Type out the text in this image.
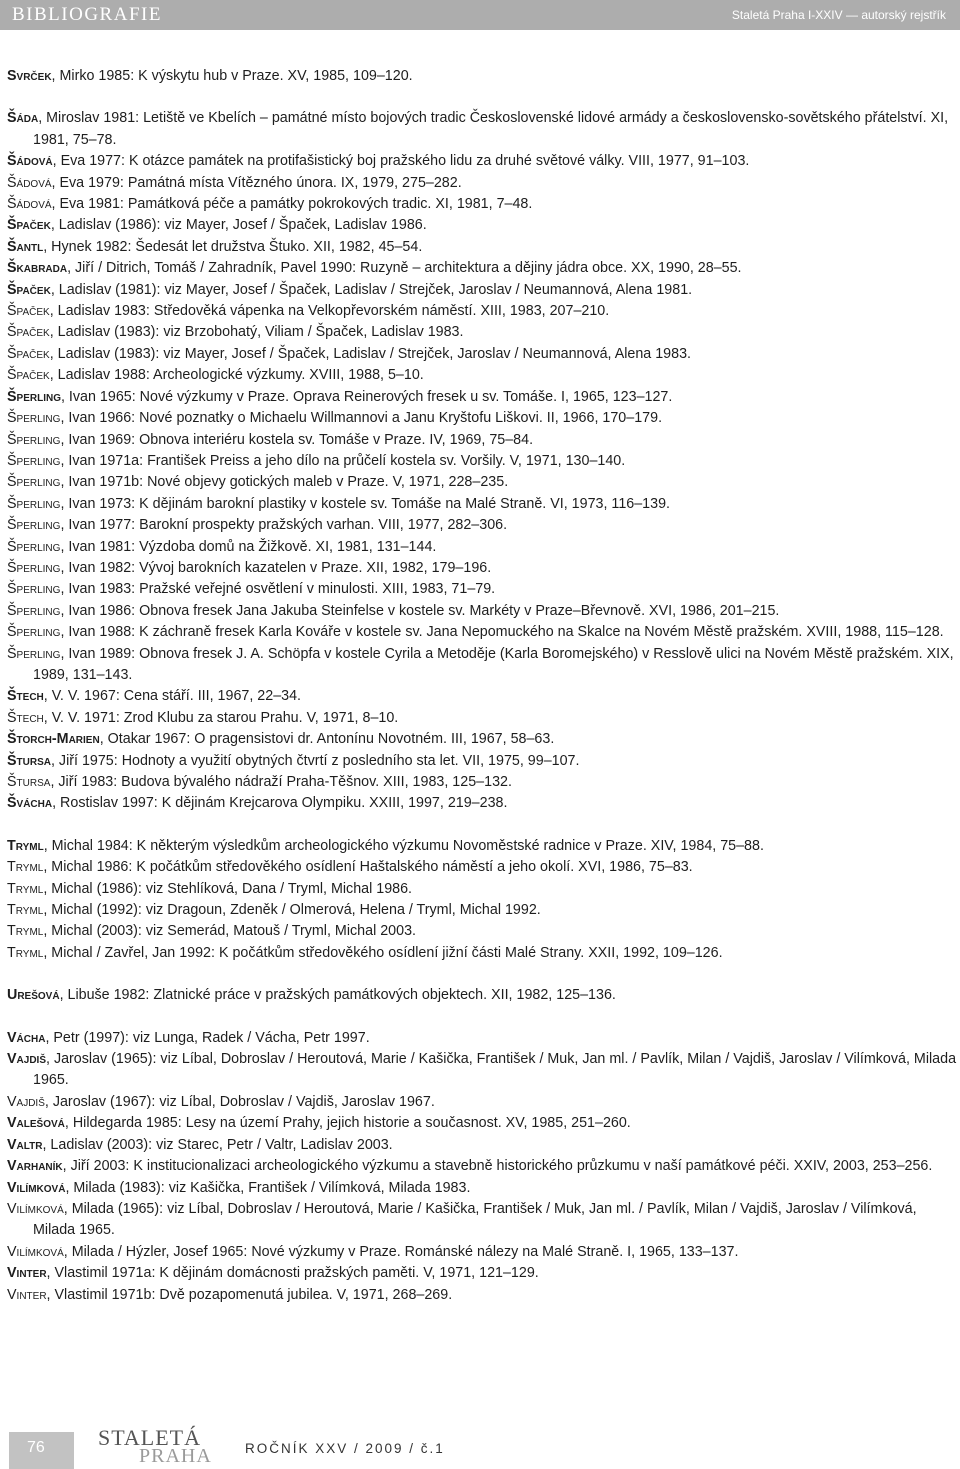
BIBLIOGRAFIE	Staletá Praha I-XXIV — autorský rejstřík
Svrček, Mirko 1985: K výskytu hub v Praze. XV, 1985, 109–120.
Šáda, Miroslav 1981: Letiště ve Kbelích – památné místo bojových tradic Československé lidové armády a československo-sovětského přátelství. XI, 1981, 75–78.
Šádová, Eva 1977: K otázce památek na protifašistický boj pražského lidu za druhé světové války. VIII, 1977, 91–103.
Šádová, Eva 1979: Památná místa Vítězného února. IX, 1979, 275–282.
Šádová, Eva 1981: Památková péče a památky pokrokových tradic. XI, 1981, 7–48.
Špaček, Ladislav (1986): viz Mayer, Josef / Špaček, Ladislav 1986.
Šantl, Hynek 1982: Šedesát let družstva Štuko. XII, 1982, 45–54.
Škabrada, Jiří / Ditrich, Tomáš / Zahradník, Pavel 1990: Ruzyně – architektura a dějiny jádra obce. XX, 1990, 28–55.
Špaček, Ladislav (1981): viz Mayer, Josef / Špaček, Ladislav / Strejček, Jaroslav / Neumannová, Alena 1981.
Špaček, Ladislav 1983: Středověká vápenka na Velkopřevorském náměstí. XIII, 1983, 207–210.
Špaček, Ladislav (1983): viz Brzobohatý, Viliam / Špaček, Ladislav 1983.
Špaček, Ladislav (1983): viz Mayer, Josef / Špaček, Ladislav / Strejček, Jaroslav / Neumannová, Alena 1983.
Špaček, Ladislav 1988: Archeologické výzkumy. XVIII, 1988, 5–10.
Šperling, Ivan 1965: Nové výzkumy v Praze. Oprava Reinerových fresek u sv. Tomáše. I, 1965, 123–127.
Šperling, Ivan 1966: Nové poznatky o Michaelu Willmannovi a Janu Kryštofu Liškovi. II, 1966, 170–179.
Šperling, Ivan 1969: Obnova interiéru kostela sv. Tomáše v Praze. IV, 1969, 75–84.
Šperling, Ivan 1971a: František Preiss a jeho dílo na průčelí kostela sv. Voršily. V, 1971, 130–140.
Šperling, Ivan 1971b: Nové objevy gotických maleb v Praze. V, 1971, 228–235.
Šperling, Ivan 1973: K dějinám barokní plastiky v kostele sv. Tomáše na Malé Straně. VI, 1973, 116–139.
Šperling, Ivan 1977: Barokní prospekty pražských varhan. VIII, 1977, 282–306.
Šperling, Ivan 1981: Výzdoba domů na Žižkově. XI, 1981, 131–144.
Šperling, Ivan 1982: Vývoj barokních kazatelen v Praze. XII, 1982, 179–196.
Šperling, Ivan 1983: Pražské veřejné osvětlení v minulosti. XIII, 1983, 71–79.
Šperling, Ivan 1986: Obnova fresek Jana Jakuba Steinfelse v kostele sv. Markéty v Praze–Břevnově. XVI, 1986, 201–215.
Šperling, Ivan 1988: K záchraně fresek Karla Kováře v kostele sv. Jana Nepomuckého na Skalce na Novém Městě pražském. XVIII, 1988, 115–128.
Šperling, Ivan 1989: Obnova fresek J. A. Schöpfa v kostele Cyrila a Metoděje (Karla Boromejského) v Resslově ulici na Novém Městě pražském. XIX, 1989, 131–143.
Štech, V. V. 1967: Cena stáří. III, 1967, 22–34.
Štech, V. V. 1971: Zrod Klubu za starou Prahu. V, 1971, 8–10.
Štorch-Marien, Otakar 1967: O pragensistovi dr. Antonínu Novotném. III, 1967, 58–63.
Štursa, Jiří 1975: Hodnoty a využití obytných čtvrtí z posledního sta let. VII, 1975, 99–107.
Štursa, Jiří 1983: Budova bývalého nádraží Praha-Těšnov. XIII, 1983, 125–132.
Švácha, Rostislav 1997: K dějinám Krejcarova Olympiku. XXIII, 1997, 219–238.
Tryml, Michal 1984: K některým výsledkům archeologického výzkumu Novoměstské radnice v Praze. XIV, 1984, 75–88.
Tryml, Michal 1986: K počátkům středověkého osídlení Haštalského náměstí a jeho okolí. XVI, 1986, 75–83.
Tryml, Michal (1986): viz Stehlíková, Dana / Tryml, Michal 1986.
Tryml, Michal (1992): viz Dragoun, Zdeněk / Olmerová, Helena / Tryml, Michal 1992.
Tryml, Michal (2003): viz Semerád, Matouš / Tryml, Michal 2003.
Tryml, Michal / Zavřel, Jan 1992: K počátkům středověkého osídlení jižní části Malé Strany. XXII, 1992, 109–126.
Urešová, Libuše 1982: Zlatnické práce v pražských památkových objektech. XII, 1982, 125–136.
Vácha, Petr (1997): viz Lunga, Radek / Vácha, Petr 1997.
Vajdiš, Jaroslav (1965): viz Líbal, Dobroslav / Heroutová, Marie / Kašička, František / Muk, Jan ml. / Pavlík, Milan / Vajdiš, Jaroslav / Vilímková, Milada 1965.
Vajdiš, Jaroslav (1967): viz Líbal, Dobroslav / Vajdiš, Jaroslav 1967.
Valešová, Hildegarda 1985: Lesy na území Prahy, jejich historie a současnost. XV, 1985, 251–260.
Valtr, Ladislav (2003): viz Starec, Petr / Valtr, Ladislav 2003.
Varhaník, Jiří 2003: K institucionalizaci archeologického výzkumu a stavebně historického průzkumu v naší památkové péči. XXIV, 2003, 253–256.
Vilímková, Milada (1983): viz Kašička, František / Vilímková, Milada 1983.
Vilímková, Milada (1965): viz Líbal, Dobroslav / Heroutová, Marie / Kašička, František / Muk, Jan ml. / Pavlík, Milan / Vajdiš, Jaroslav / Vilímková, Milada 1965.
Vilímková, Milada / Hýzler, Josef 1965: Nové výzkumy v Praze. Románské nálezy na Malé Straně. I, 1965, 133–137.
Vinter, Vlastimil 1971a: K dějinám domácnosti pražských paměti. V, 1971, 121–129.
Vinter, Vlastimil 1971b: Dvě pozapomenutá jubilea. V, 1971, 268–269.
76 STALETÁ
PRAHA ROČNÍK XXV / 2009 / č.1
